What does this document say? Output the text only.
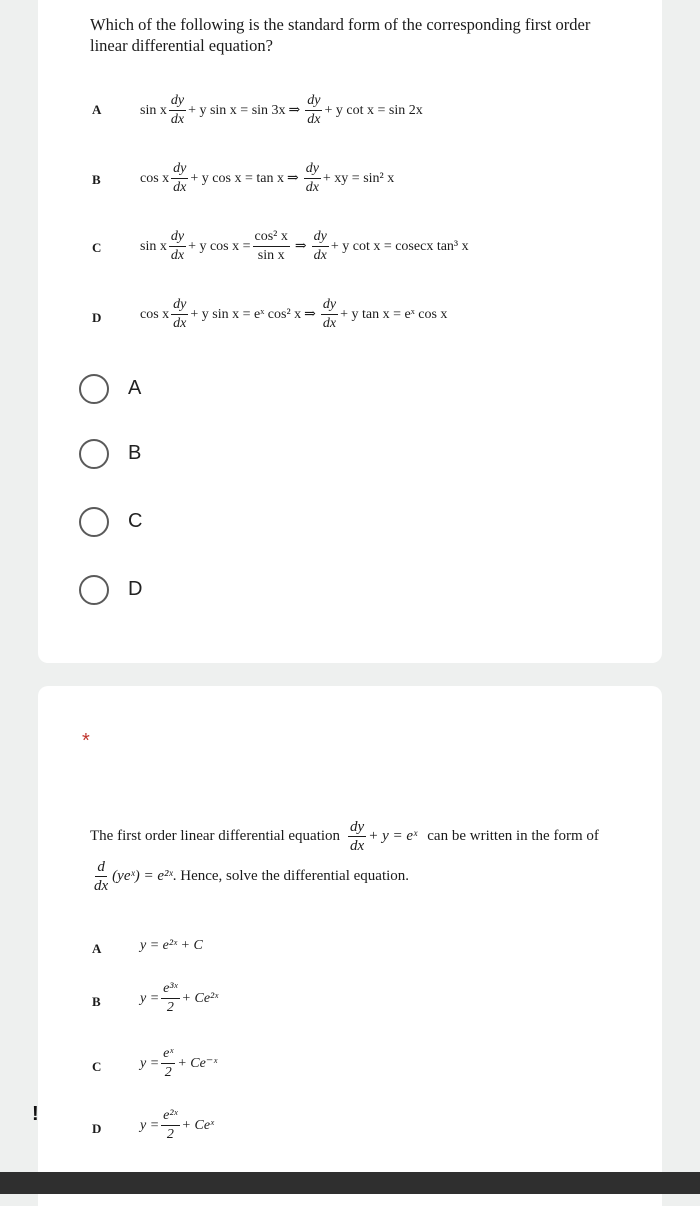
Which of the following is the standard form of the corresponding first order linear differential equation?
A	sin x $\frac{dy}{dx} + y$ sin x = sin 3x ⇒ $\frac{dy}{dx} + y$ cot x = sin 2x
B	cos x $\frac{dy}{dx} + y$ cos x = tan x ⇒ $\frac{dy}{dx}$ + xy = sin² x
C	sin x $\frac{dy}{dx} + y$ $\cos x = \frac{\text{cos² x}}{\text{sin x}}$ ⇒ $\frac{dy}{dx} + y$ cot x = cosecx tan³ x
D	cos x $\frac{dy}{dx} + y$ sin x = eˣ cos² x ⇒ $\frac{dy}{dx} + y$ tan x = eˣ cos x
A
B
C
D
*
The first order linear differential equation $\frac{dy}{dx} + y$ = eˣ can be written in the form of
$\frac{d}{dx}$ (yeˣ) = e²ˣ . Hence, solve the differential equation.
A	y = e²ˣ + C
B	$y = \frac{\text{e³ˣ}}{2}$ + Ce²ˣ
C	$y = \frac{\text{eˣ}}{2}$ + Ce⁻ˣ
!
D	$y = \frac{\text{e²ˣ}}{2}$ + Ceˣ
